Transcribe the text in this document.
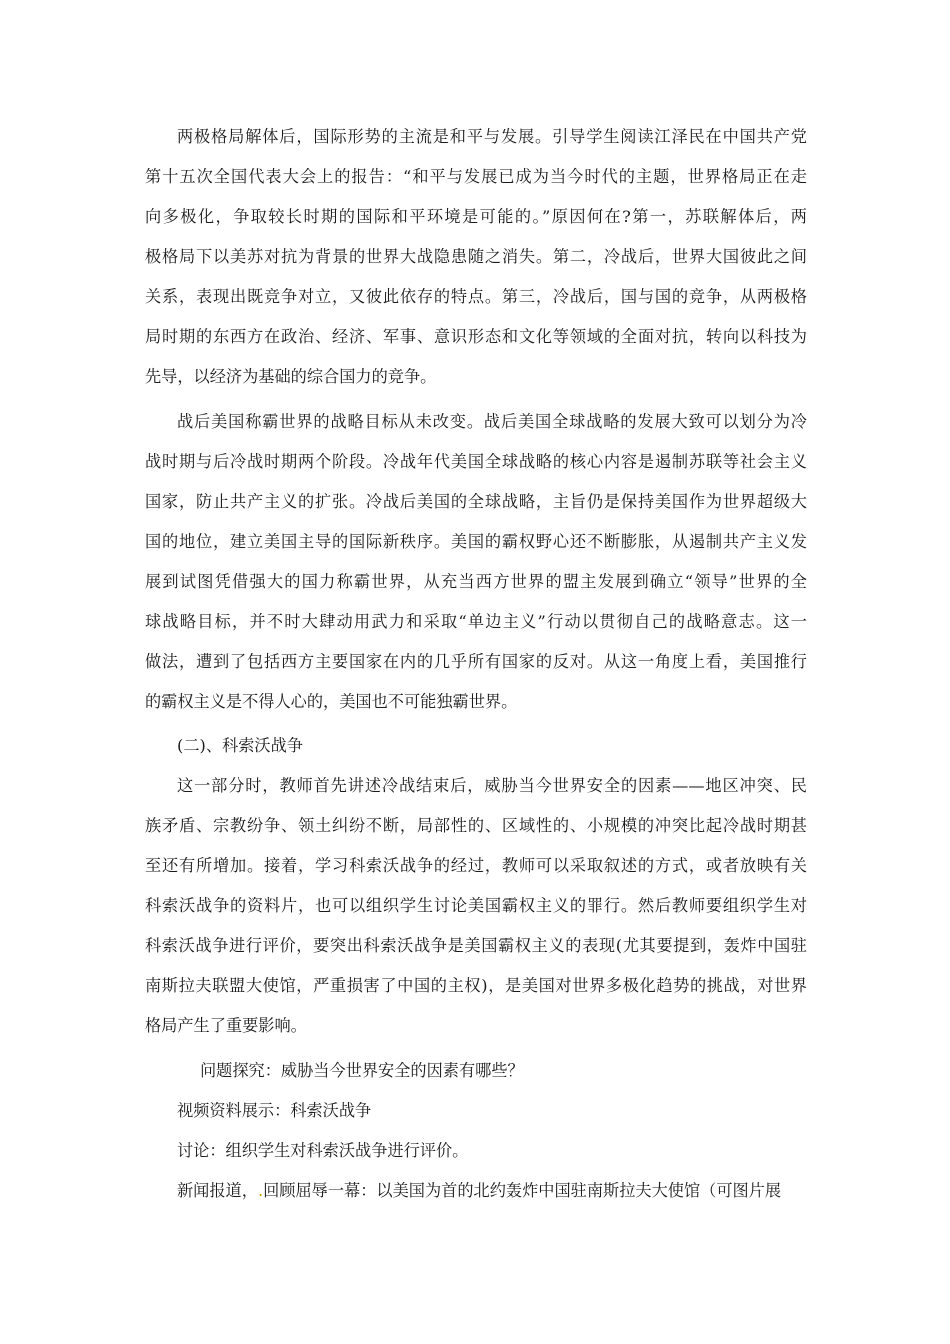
两极格局解体后，国际形势的主流是和平与发展。引导学生阅读江泽民在中国共产党
第十五次全国代表大会上的报告：“和平与发展已成为当今时代的主题，世界格局正在走
向多极化，争取较长时期的国际和平环境是可能的。”原因何在?第一，苏联解体后，两
极格局下以美苏对抗为背景的世界大战隐患随之消失。第二，冷战后，世界大国彼此之间
关系，表现出既竞争对立，又彼此依存的特点。第三，冷战后，国与国的竞争，从两极格
局时期的东西方在政治、经济、军事、意识形态和文化等领域的全面对抗，转向以科技为
先导，以经济为基础的综合国力的竞争。
战后美国称霸世界的战略目标从未改变。战后美国全球战略的发展大致可以划分为冷
战时期与后冷战时期两个阶段。冷战年代美国全球战略的核心内容是遏制苏联等社会主义
国家，防止共产主义的扩张。冷战后美国的全球战略，主旨仍是保持美国作为世界超级大
国的地位，建立美国主导的国际新秩序。美国的霸权野心还不断膨胀，从遏制共产主义发
展到试图凭借强大的国力称霸世界，从充当西方世界的盟主发展到确立“领导”世界的全
球战略目标，并不时大肆动用武力和采取“单边主义”行动以贯彻自己的战略意志。这一
做法，遭到了包括西方主要国家在内的几乎所有国家的反对。从这一角度上看，美国推行
的霸权主义是不得人心的，美国也不可能独霸世界。
(二)、科索沃战争
这一部分时，教师首先讲述冷战结束后，威胁当今世界安全的因素——地区冲突、民
族矛盾、宗教纷争、领土纠纷不断，局部性的、区域性的、小规模的冲突比起冷战时期甚
至还有所增加。接着，学习科索沃战争的经过，教师可以采取叙述的方式，或者放映有关
科索沃战争的资料片，也可以组织学生讨论美国霸权主义的罪行。然后教师要组织学生对
科索沃战争进行评价，要突出科索沃战争是美国霸权主义的表现(尤其要提到，轰炸中国驻
南斯拉夫联盟大使馆，严重损害了中国的主权)，是美国对世界多极化趋势的挑战，对世界
格局产生了重要影响。
问题探究：威胁当今世界安全的因素有哪些？
视频资料展示：科索沃战争
讨论：组织学生对科索沃战争进行评价。
新闻报道，.回顾屈辱一幕：以美国为首的北约轰炸中国驻南斯拉夫大使馆（可图片展
